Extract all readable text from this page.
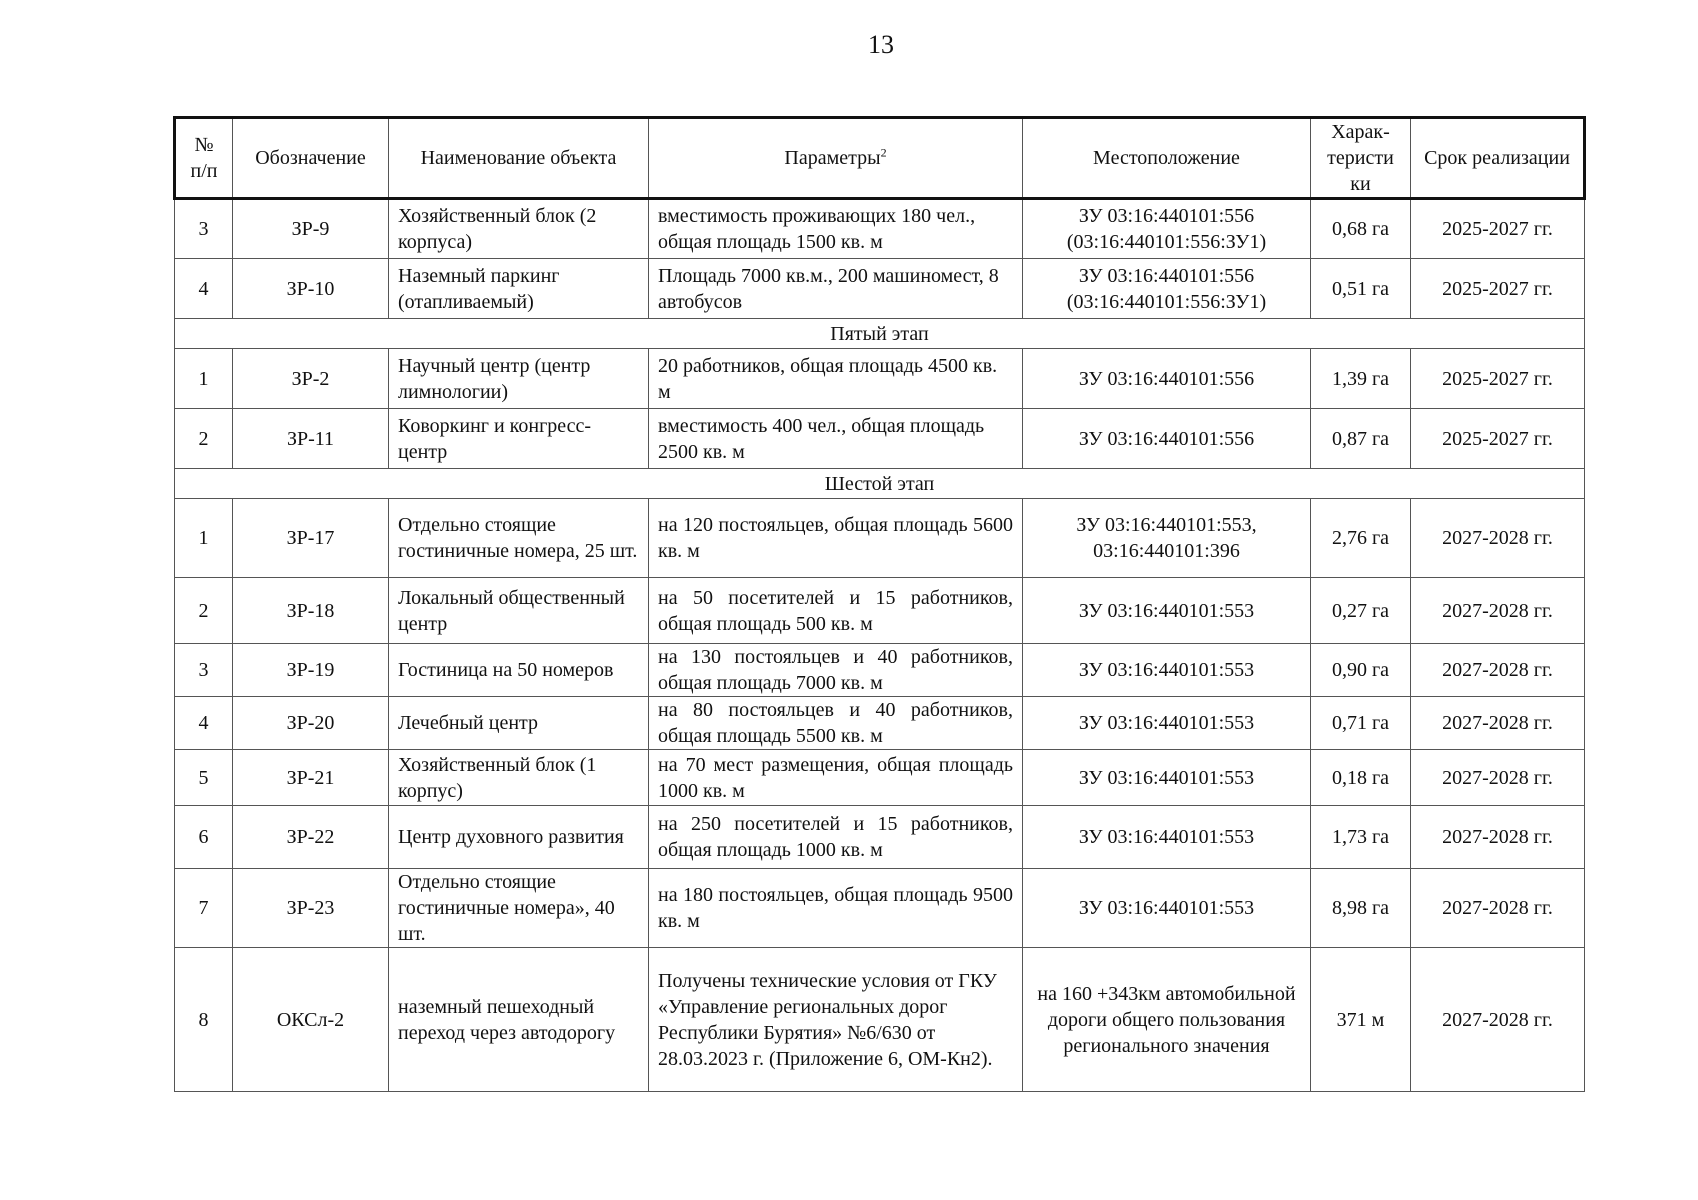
13
№ п/п	Обозначение	Наименование объекта	Параметры$^2$	Местоположение	Харак-теристи ки	Срок реализации
3	ЗР-9	Хозяйственный блок (2 корпуса)	вместимость проживающих 180 чел., общая площадь 1500 кв. м	ЗУ 03:16:440101:556 (03:16:440101:556:ЗУ1)	0,68 га	2025-2027 гг.
4	ЗР-10	Наземный паркинг (отапливаемый)	Площадь 7000 кв.м., 200 машиномест, 8 автобусов	ЗУ 03:16:440101:556 (03:16:440101:556:ЗУ1)	0,51 га	2025-2027 гг.
Пятый этап						
1	ЗР-2	Научный центр (центр лимнологии)	20 работников, общая площадь 4500 кв. м	ЗУ 03:16:440101:556	1,39 га	2025-2027 гг.
2	ЗР-11	Коворкинг и конгресс-центр	вместимость 400 чел., общая площадь 2500 кв. м	ЗУ 03:16:440101:556	0,87 га	2025-2027 гг.
Шестой этап						
1	ЗР-17	Отдельно стоящие гостиничные номера, 25 шт.	на 120 постояльцев, общая площадь 5600 кв. м	ЗУ 03:16:440101:553, 03:16:440101:396	2,76 га	2027-2028 гг.
2	ЗР-18	Локальный общественный центр	на 50 посетителей и 15 работников, общая площадь 500 кв. м	ЗУ 03:16:440101:553	0,27 га	2027-2028 гг.
3	ЗР-19	Гостиница на 50 номеров	на 130 постояльцев и 40 работников, общая площадь 7000 кв. м	ЗУ 03:16:440101:553	0,90 га	2027-2028 гг.
4	ЗР-20	Лечебный центр	на 80 постояльцев и 40 работников, общая площадь 5500 кв. м	ЗУ 03:16:440101:553	0,71 га	2027-2028 гг.
5	ЗР-21	Хозяйственный блок (1 корпус)	на 70 мест размещения, общая площадь 1000 кв. м	ЗУ 03:16:440101:553	0,18 га	2027-2028 гг.
6	ЗР-22	Центр духовного развития	на 250 посетителей и 15 работников, общая площадь 1000 кв. м	ЗУ 03:16:440101:553	1,73 га	2027-2028 гг.
7	ЗР-23	Отдельно стоящие гостиничные номера», 40 шт.	на 180 постояльцев, общая площадь 9500 кв. м	ЗУ 03:16:440101:553	8,98 га	2027-2028 гг.
8	ОКСл-2	наземный пешеходный переход через автодорогу	Получены технические условия от ГКУ «Управление региональных дорог Республики Бурятия» №6/630 от 28.03.2023 г. (Приложение 6, ОМ-Кн2).	на 160 +343км автомобильной дороги общего пользования регионального значения	371 м	2027-2028 гг.
